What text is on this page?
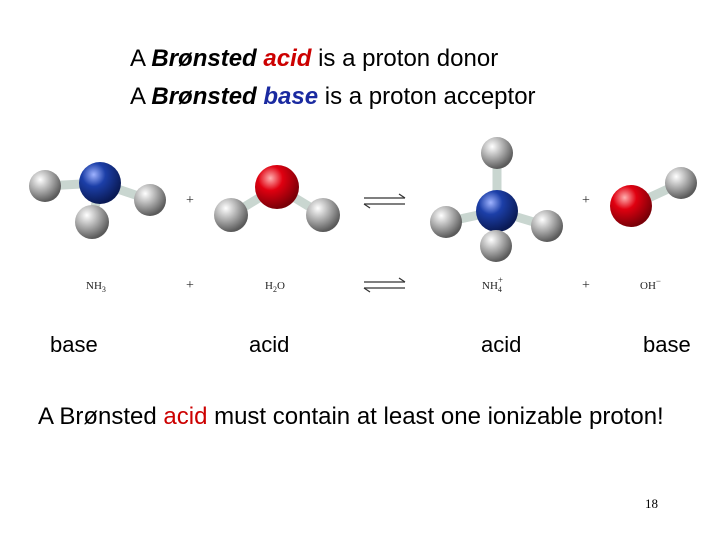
A Brønsted acid is a proton donor
A Brønsted base is a proton acceptor
+	+
$NH_3$	+	$H_2O$	$NH_4+$	+	OH−
base	acid	acid	base
A Brønsted acid must contain at least one ionizable proton!
18
